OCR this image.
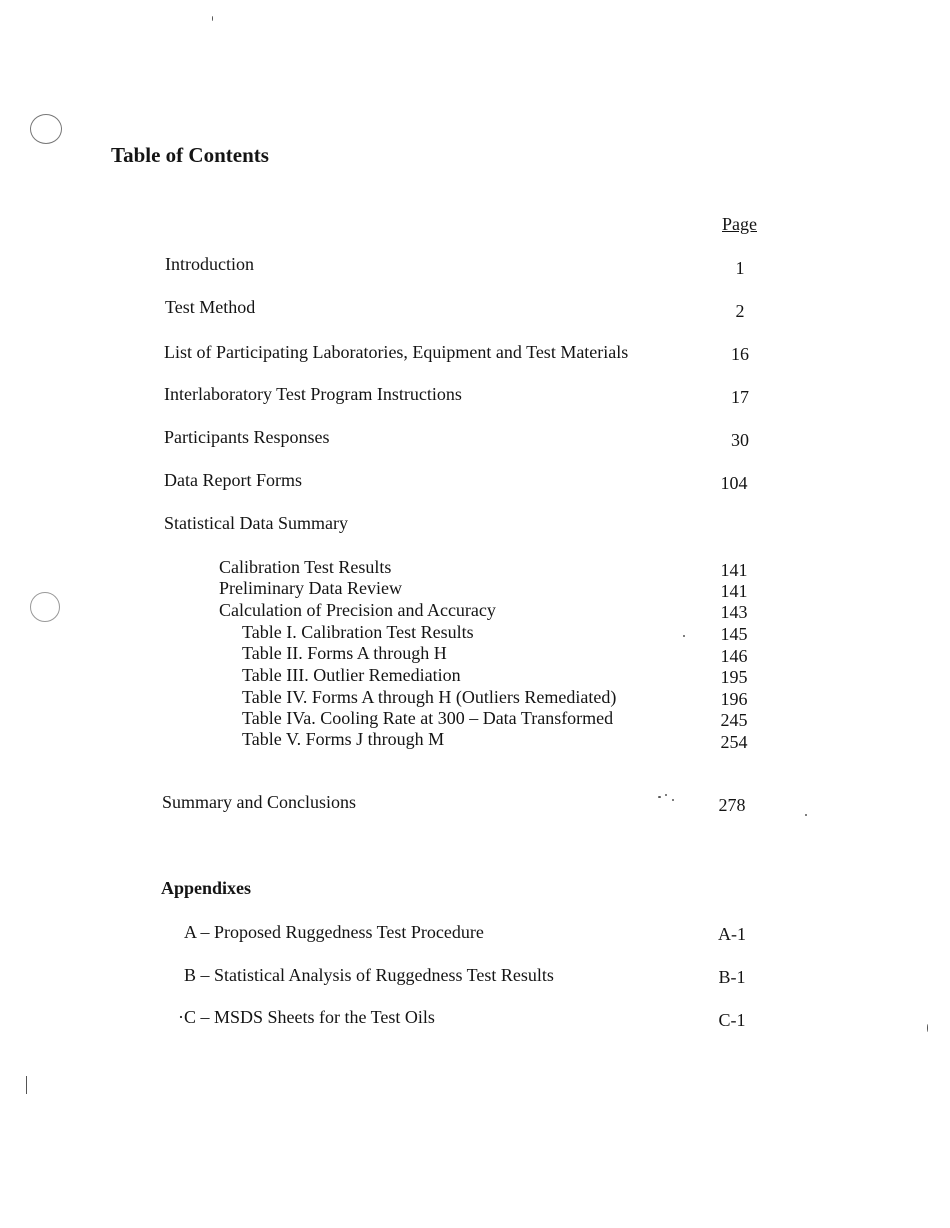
Table of Contents
Page
Introduction	1
Test Method	2
List of Participating Laboratories, Equipment and Test Materials	16
Interlaboratory Test Program Instructions	17
Participants Responses	30
Data Report Forms	104
Statistical Data Summary
Calibration Test Results	141
Preliminary Data Review	141
Calculation of Precision and Accuracy	143
Table I. Calibration Test Results	145
Table II. Forms A through H	146
Table III. Outlier Remediation	195
Table IV. Forms A through H (Outliers Remediated)	196
Table IVa. Cooling Rate at 300 – Data Transformed	245
Table V. Forms J through M	254
Summary and Conclusions	278
Appendixes
A – Proposed Ruggedness Test Procedure	A-1
B – Statistical Analysis of Ruggedness Test Results	B-1
·C – MSDS Sheets for the Test Oils	C-1
